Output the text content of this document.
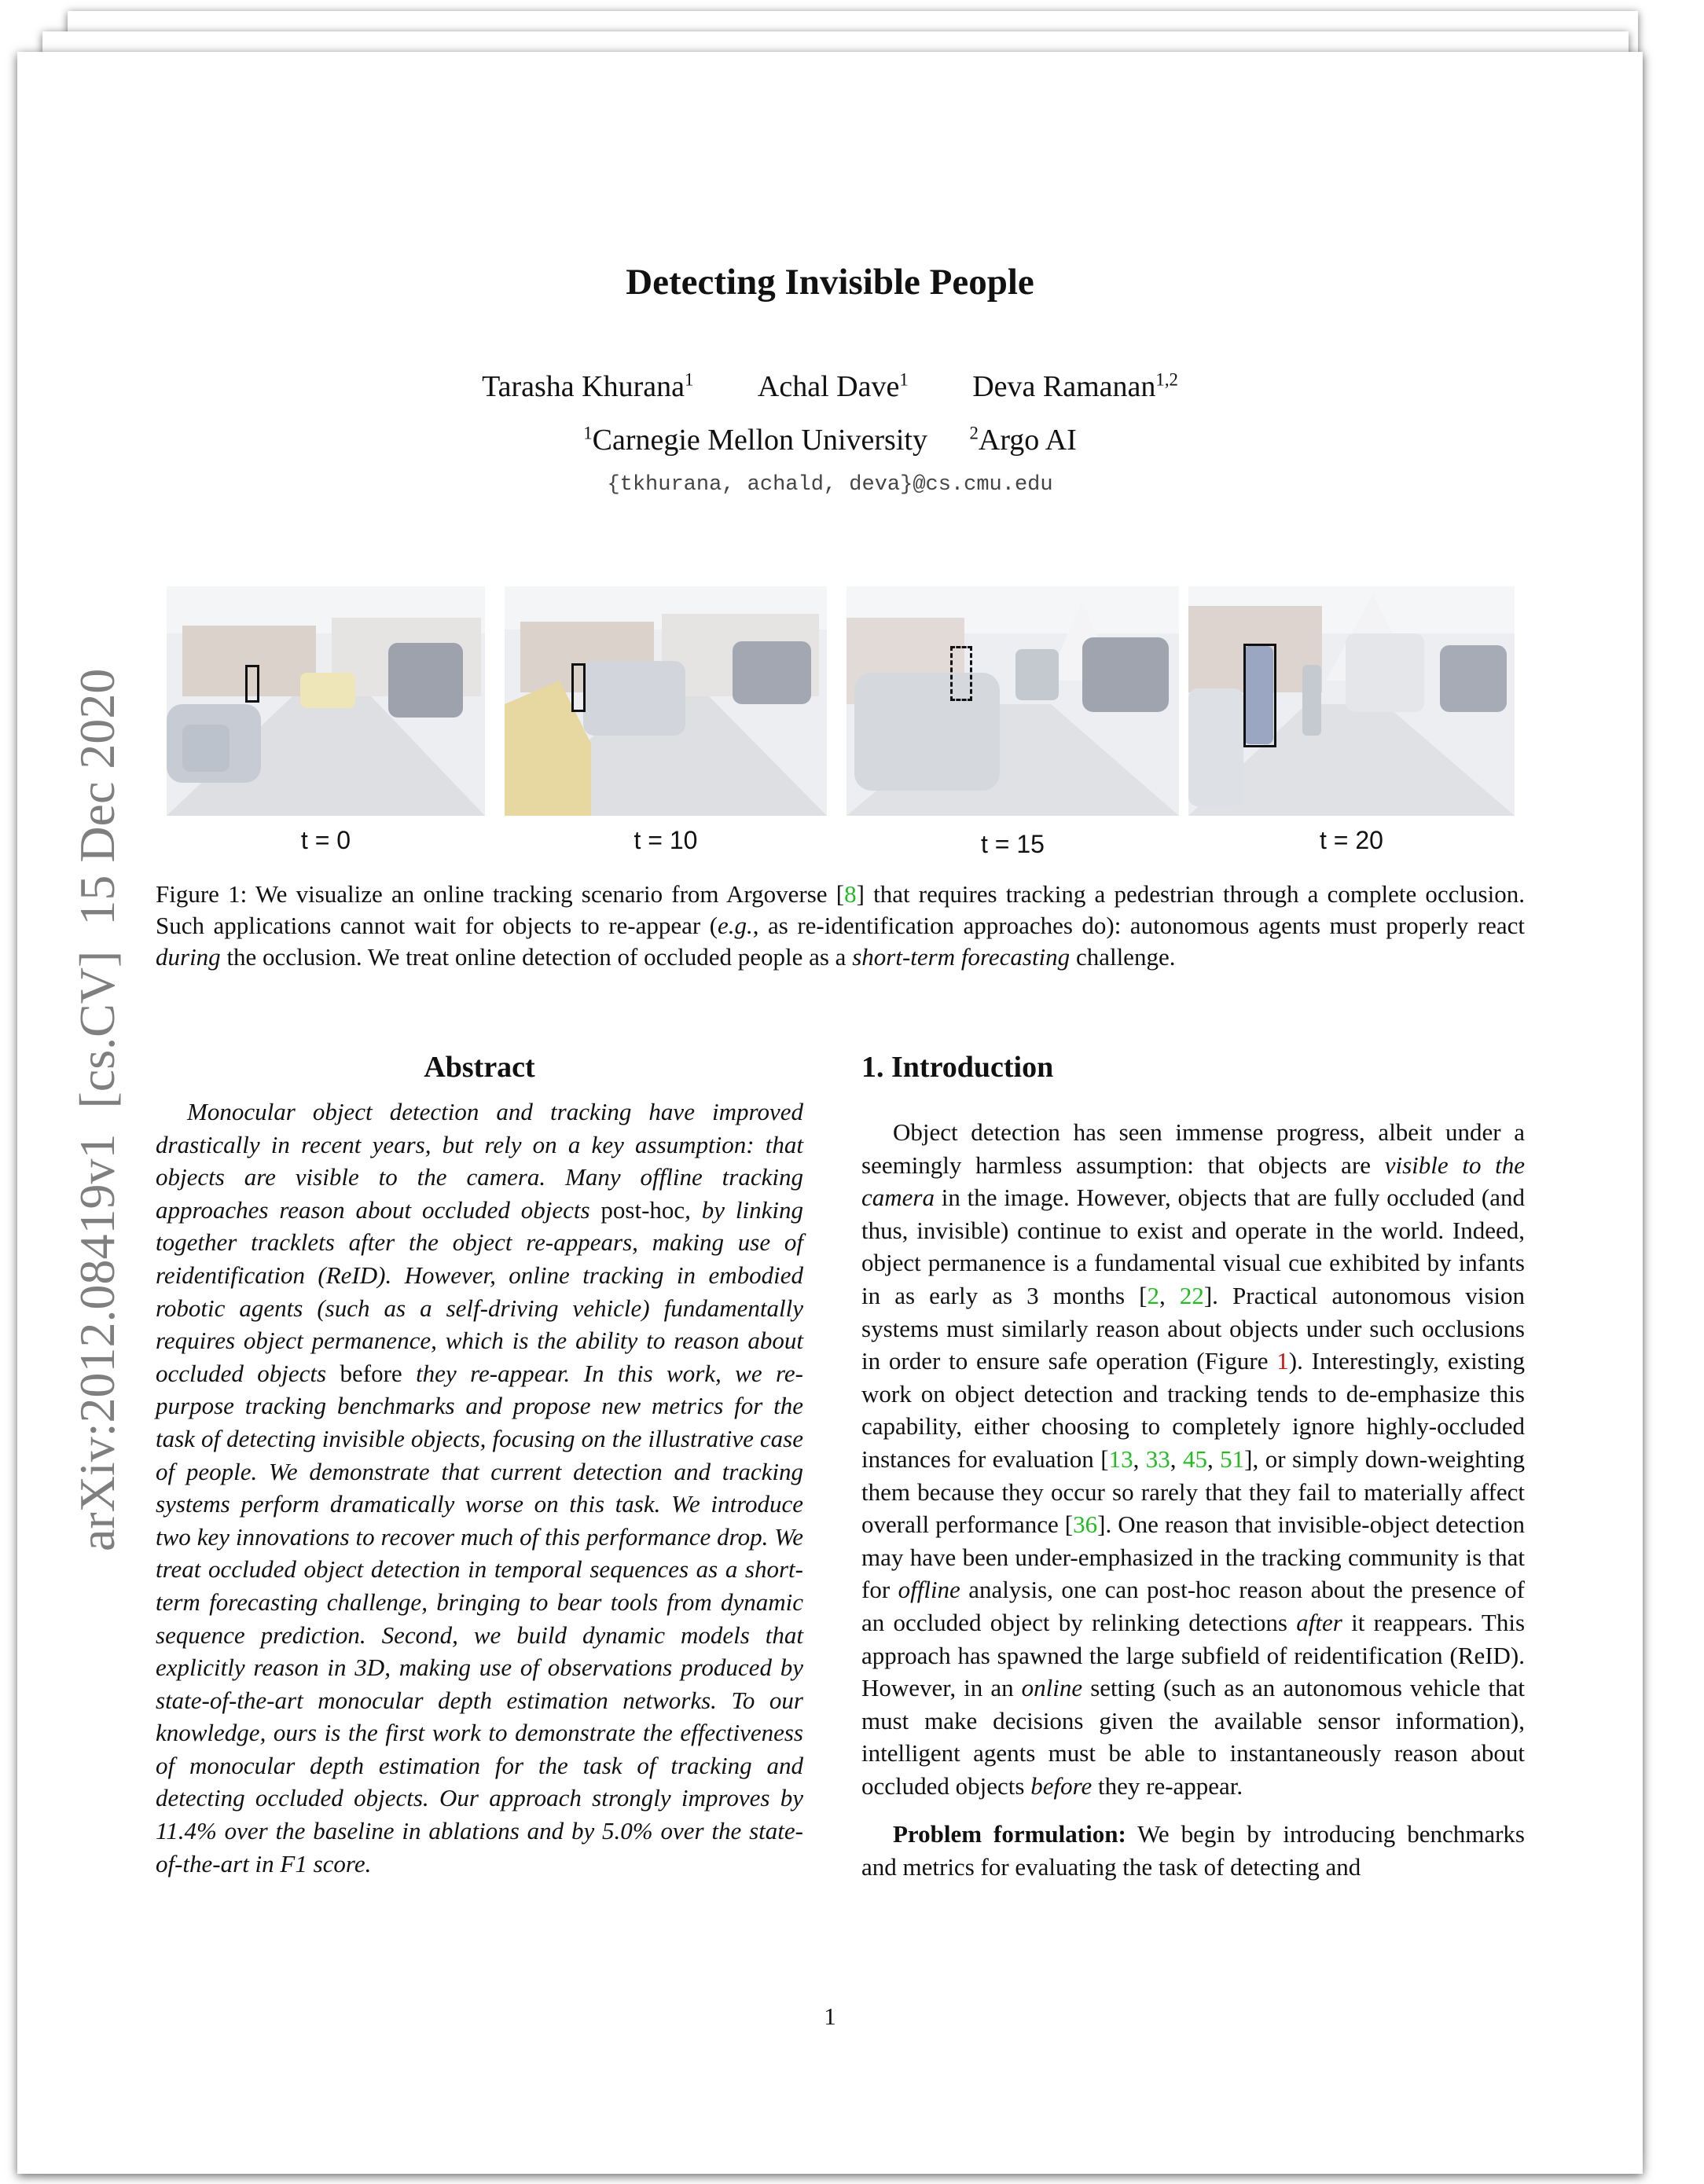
arXiv:2012.08419v1  [cs.CV]  15 Dec 2020
Detecting Invisible People
Tarasha Khurana$^1$ Achal Dave$^1$ Deva Ramanan$^{1,2}$
$^1$Carnegie Mellon University $^2$Argo AI
{tkhurana, achald, deva}@cs.cmu.edu
t = 0	t = 10	t = 15	t = 20
Figure 1: We visualize an online tracking scenario from Argoverse [8] that requires tracking a pedestrian through a complete occlusion. Such applications cannot wait for objects to re-appear (e.g., as re-identification approaches do): autonomous agents must properly react during the occlusion. We treat online detection of occluded people as a short-term forecasting challenge.
Abstract

Monocular object detection and tracking have improved drastically in recent years, but rely on a key assumption: that objects are visible to the camera. Many offline tracking approaches reason about occluded objects post-hoc, by linking together tracklets after the object re-appears, making use of reidentification (ReID). However, online tracking in embodied robotic agents (such as a self-driving vehicle) fundamentally requires object permanence, which is the ability to reason about occluded objects before they re-appear. In this work, we re-purpose tracking benchmarks and propose new metrics for the task of detecting invisible objects, focusing on the illustrative case of people. We demonstrate that current detection and tracking systems perform dramatically worse on this task. We introduce two key innovations to recover much of this performance drop. We treat occluded object detection in temporal sequences as a short-term forecasting challenge, bringing to bear tools from dynamic sequence prediction. Second, we build dynamic models that explicitly reason in 3D, making use of observations produced by state-of-the-art monocular depth estimation networks. To our knowledge, ours is the first work to demonstrate the effectiveness of monocular depth estimation for the task of tracking and detecting occluded objects. Our approach strongly improves by 11.4% over the baseline in ablations and by 5.0% over the state-of-the-art in F1 score.

1. Introduction

Object detection has seen immense progress, albeit under a seemingly harmless assumption: that objects are visible to the camera in the image. However, objects that are fully occluded (and thus, invisible) continue to exist and operate in the world. Indeed, object permanence is a fundamental visual cue exhibited by infants in as early as 3 months [2, 22]. Practical autonomous vision systems must similarly reason about objects under such occlusions in order to ensure safe operation (Figure 1). Interestingly, existing work on object detection and tracking tends to de-emphasize this capability, either choosing to completely ignore highly-occluded instances for evaluation [13, 33, 45, 51], or simply down-weighting them because they occur so rarely that they fail to materially affect overall performance [36]. One reason that invisible-object detection may have been under-emphasized in the tracking community is that for offline analysis, one can post-hoc reason about the presence of an occluded object by relinking detections after it reappears. This approach has spawned the large subfield of reidentification (ReID). However, in an online setting (such as an autonomous vehicle that must make decisions given the available sensor information), intelligent agents must be able to instantaneously reason about occluded objects before they re-appear.

Problem formulation: We begin by introducing benchmarks and metrics for evaluating the task of detecting and

1
